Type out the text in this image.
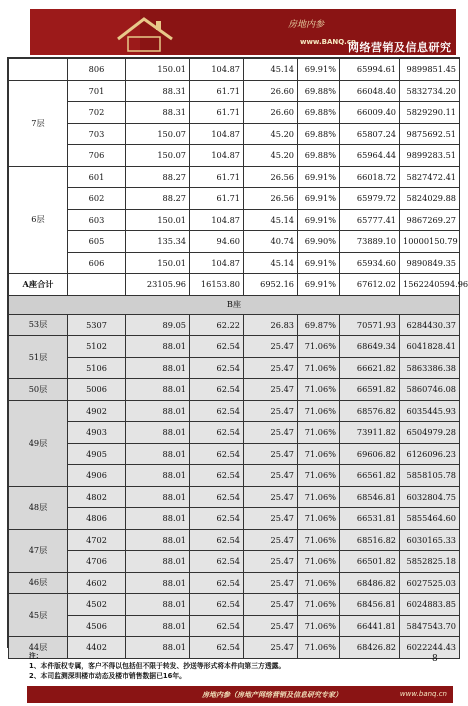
房地内参
www.BANQ.cn
网络营销及信息研究专家
	806	150.01	104.87	45.14	69.91%	65994.61	9899851.45
7层	701	88.31	61.71	26.60	69.88%	66048.40	5832734.20
	702	88.31	61.71	26.60	69.88%	66009.40	5829290.11
	703	150.07	104.87	45.20	69.88%	65807.24	9875692.51
	706	150.07	104.87	45.20	69.88%	65964.44	9899283.51
6层	601	88.27	61.71	26.56	69.91%	66018.72	5827472.41
	602	88.27	61.71	26.56	69.91%	65979.72	5824029.88
	603	150.01	104.87	45.14	69.91%	65777.41	9867269.27
	605	135.34	94.60	40.74	69.90%	73889.10	10000150.79
	606	150.01	104.87	45.14	69.91%	65934.60	9890849.35
A座合计		23105.96	16153.80	6952.16	69.91%	67612.02	1562240594.96
B座							
53层	5307	89.05	62.22	26.83	69.87%	70571.93	6284430.37
51层	5102	88.01	62.54	25.47	71.06%	68649.34	6041828.41
	5106	88.01	62.54	25.47	71.06%	66621.82	5863386.38
50层	5006	88.01	62.54	25.47	71.06%	66591.82	5860746.08
49层	4902	88.01	62.54	25.47	71.06%	68576.82	6035445.93
	4903	88.01	62.54	25.47	71.06%	73911.82	6504979.28
	4905	88.01	62.54	25.47	71.06%	69606.82	6126096.23
	4906	88.01	62.54	25.47	71.06%	66561.82	5858105.78
48层	4802	88.01	62.54	25.47	71.06%	68546.81	6032804.75
	4806	88.01	62.54	25.47	71.06%	66531.81	5855464.60
47层	4702	88.01	62.54	25.47	71.06%	68516.82	6030165.33
	4706	88.01	62.54	25.47	71.06%	66501.82	5852825.18
46层	4602	88.01	62.54	25.47	71.06%	68486.82	6027525.03
45层	4502	88.01	62.54	25.47	71.06%	68456.81	6024883.85
	4506	88.01	62.54	25.47	71.06%	66441.81	5847543.70
44层	4402	88.01	62.54	25.47	71.06%	68426.82	6022244.43
注：
1、本件版权专属，客户不得以包括但不限于转发、抄送等形式将本件向第三方透露。
2、本司监测深圳楼市动态及楼市销售数据已16年。
8
房地内参（房地产网络营销及信息研究专家）	www.banq.cn
